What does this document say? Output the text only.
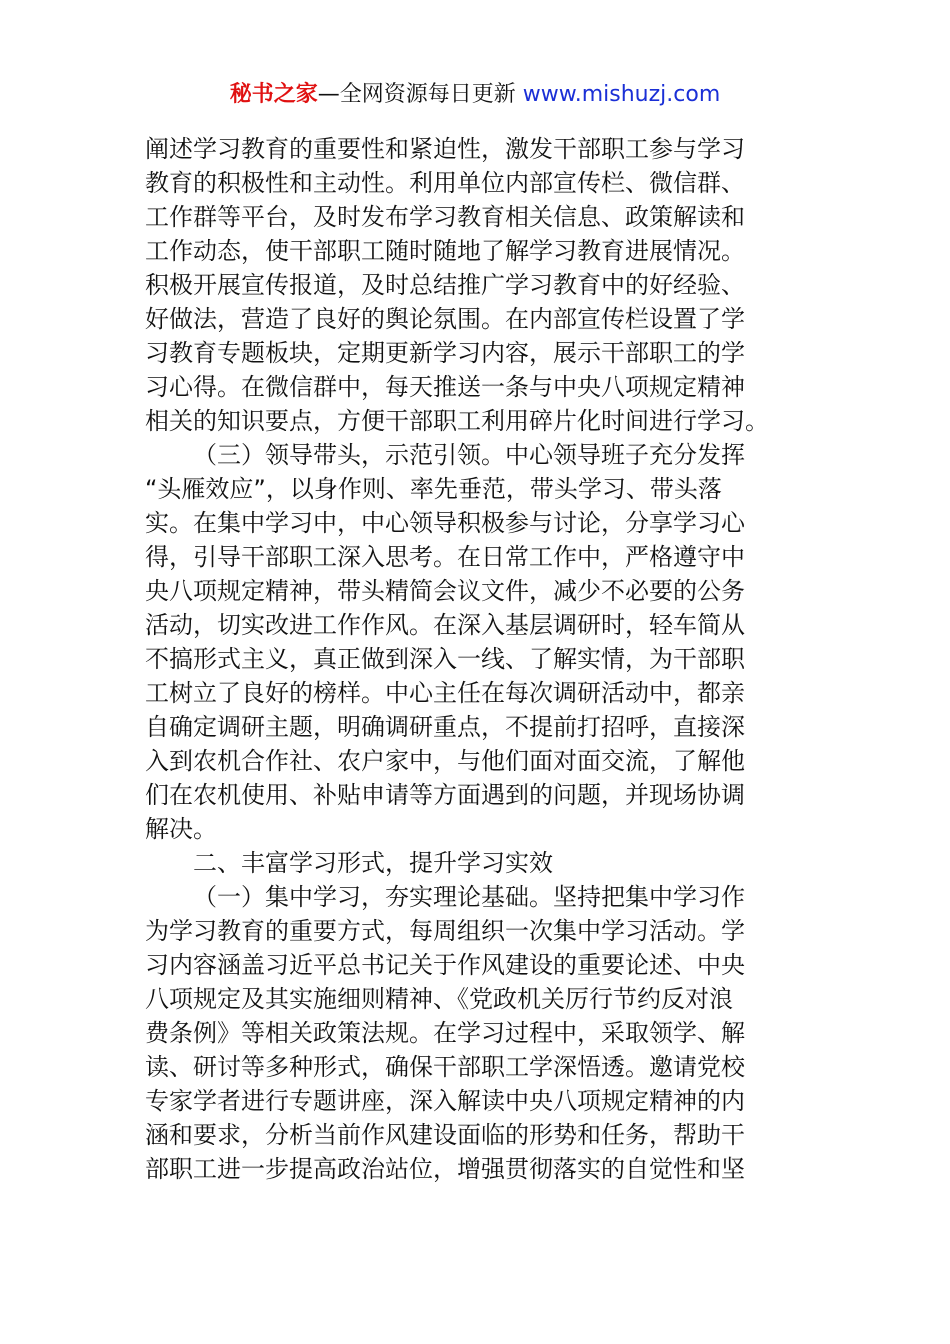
秘书之家—全网资源每日更新 www.mishuzj.com
阐述学习教育的重要性和紧迫性，激发干部职工参与学习
教育的积极性和主动性。利用单位内部宣传栏、微信群、
工作群等平台，及时发布学习教育相关信息、政策解读和
工作动态，使干部职工随时随地了解学习教育进展情况。
积极开展宣传报道，及时总结推广学习教育中的好经验、
好做法，营造了良好的舆论氛围。在内部宣传栏设置了学
习教育专题板块，定期更新学习内容，展示干部职工的学
习心得。在微信群中，每天推送一条与中央八项规定精神
相关的知识要点，方便干部职工利用碎片化时间进行学习。
（三）领导带头，示范引领。中心领导班子充分发挥
“头雁效应”，以身作则、率先垂范，带头学习、带头落
实。在集中学习中，中心领导积极参与讨论，分享学习心
得，引导干部职工深入思考。在日常工作中，严格遵守中
央八项规定精神，带头精简会议文件，减少不必要的公务
活动，切实改进工作作风。在深入基层调研时，轻车简从
不搞形式主义，真正做到深入一线、了解实情，为干部职
工树立了良好的榜样。中心主任在每次调研活动中，都亲
自确定调研主题，明确调研重点，不提前打招呼，直接深
入到农机合作社、农户家中，与他们面对面交流，了解他
们在农机使用、补贴申请等方面遇到的问题，并现场协调
解决。
二、丰富学习形式，提升学习实效
（一）集中学习，夯实理论基础。坚持把集中学习作
为学习教育的重要方式，每周组织一次集中学习活动。学
习内容涵盖习近平总书记关于作风建设的重要论述、中央
八项规定及其实施细则精神、《党政机关厉行节约反对浪
费条例》等相关政策法规。在学习过程中，采取领学、解
读、研讨等多种形式，确保干部职工学深悟透。邀请党校
专家学者进行专题讲座，深入解读中央八项规定精神的内
涵和要求，分析当前作风建设面临的形势和任务，帮助干
部职工进一步提高政治站位，增强贯彻落实的自觉性和坚
